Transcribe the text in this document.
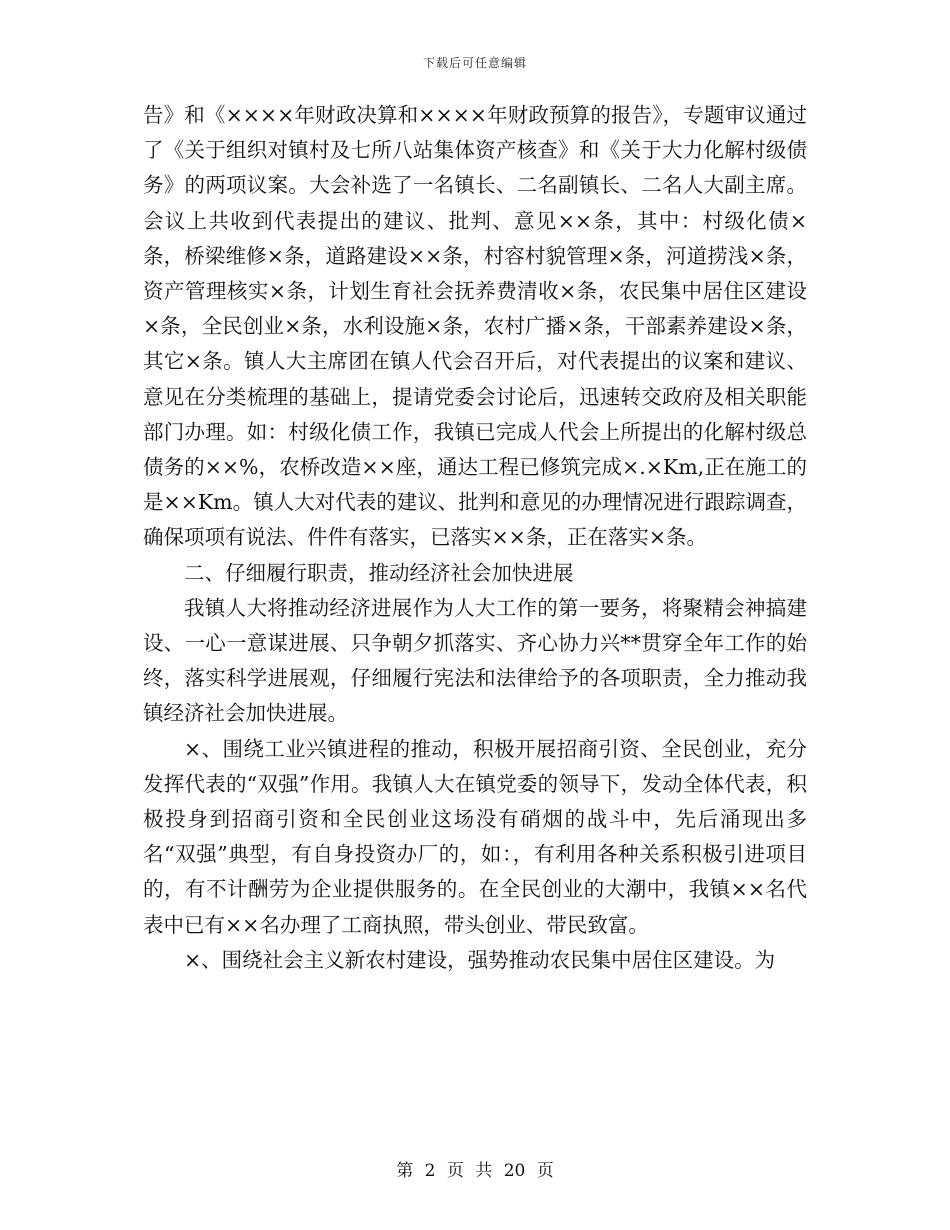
下载后可任意编辑

告》和《××××年财政决算和××××年财政预算的报告》，专题审议通过了《关于组织对镇村及七所八站集体资产核查》和《关于大力化解村级债务》的两项议案。大会补选了一名镇长、二名副镇长、二名人大副主席。会议上共收到代表提出的建议、批判、意见××条，其中：村级化债×条，桥梁维修×条，道路建设××条，村容村貌管理×条，河道捞浅×条，资产管理核实×条，计划生育社会抚养费清收×条，农民集中居住区建设×条，全民创业×条，水利设施×条，农村广播×条，干部素养建设×条，其它×条。镇人大主席团在镇人代会召开后，对代表提出的议案和建议、意见在分类梳理的基础上，提请党委会讨论后，迅速转交政府及相关职能部门办理。如：村级化债工作，我镇已完成人代会上所提出的化解村级总债务的××%，农桥改造××座，通达工程已修筑完成×.×Km,正在施工的是××Km。镇人大对代表的建议、批判和意见的办理情况进行跟踪调查，确保项项有说法、件件有落实，已落实××条，正在落实×条。

二、仔细履行职责，推动经济社会加快进展

我镇人大将推动经济进展作为人大工作的第一要务，将聚精会神搞建设、一心一意谋进展、只争朝夕抓落实、齐心协力兴**贯穿全年工作的始终，落实科学进展观，仔细履行宪法和法律给予的各项职责，全力推动我镇经济社会加快进展。

×、围绕工业兴镇进程的推动，积极开展招商引资、全民创业，充分发挥代表的“双强”作用。我镇人大在镇党委的领导下，发动全体代表，积极投身到招商引资和全民创业这场没有硝烟的战斗中，先后涌现出多名“双强”典型，有自身投资办厂的，如：，有利用各种关系积极引进项目的，有不计酬劳为企业提供服务的。在全民创业的大潮中，我镇××名代表中已有××名办理了工商执照，带头创业、带民致富。

×、围绕社会主义新农村建设，强势推动农民集中居住区建设。为

第 2 页 共 20 页
